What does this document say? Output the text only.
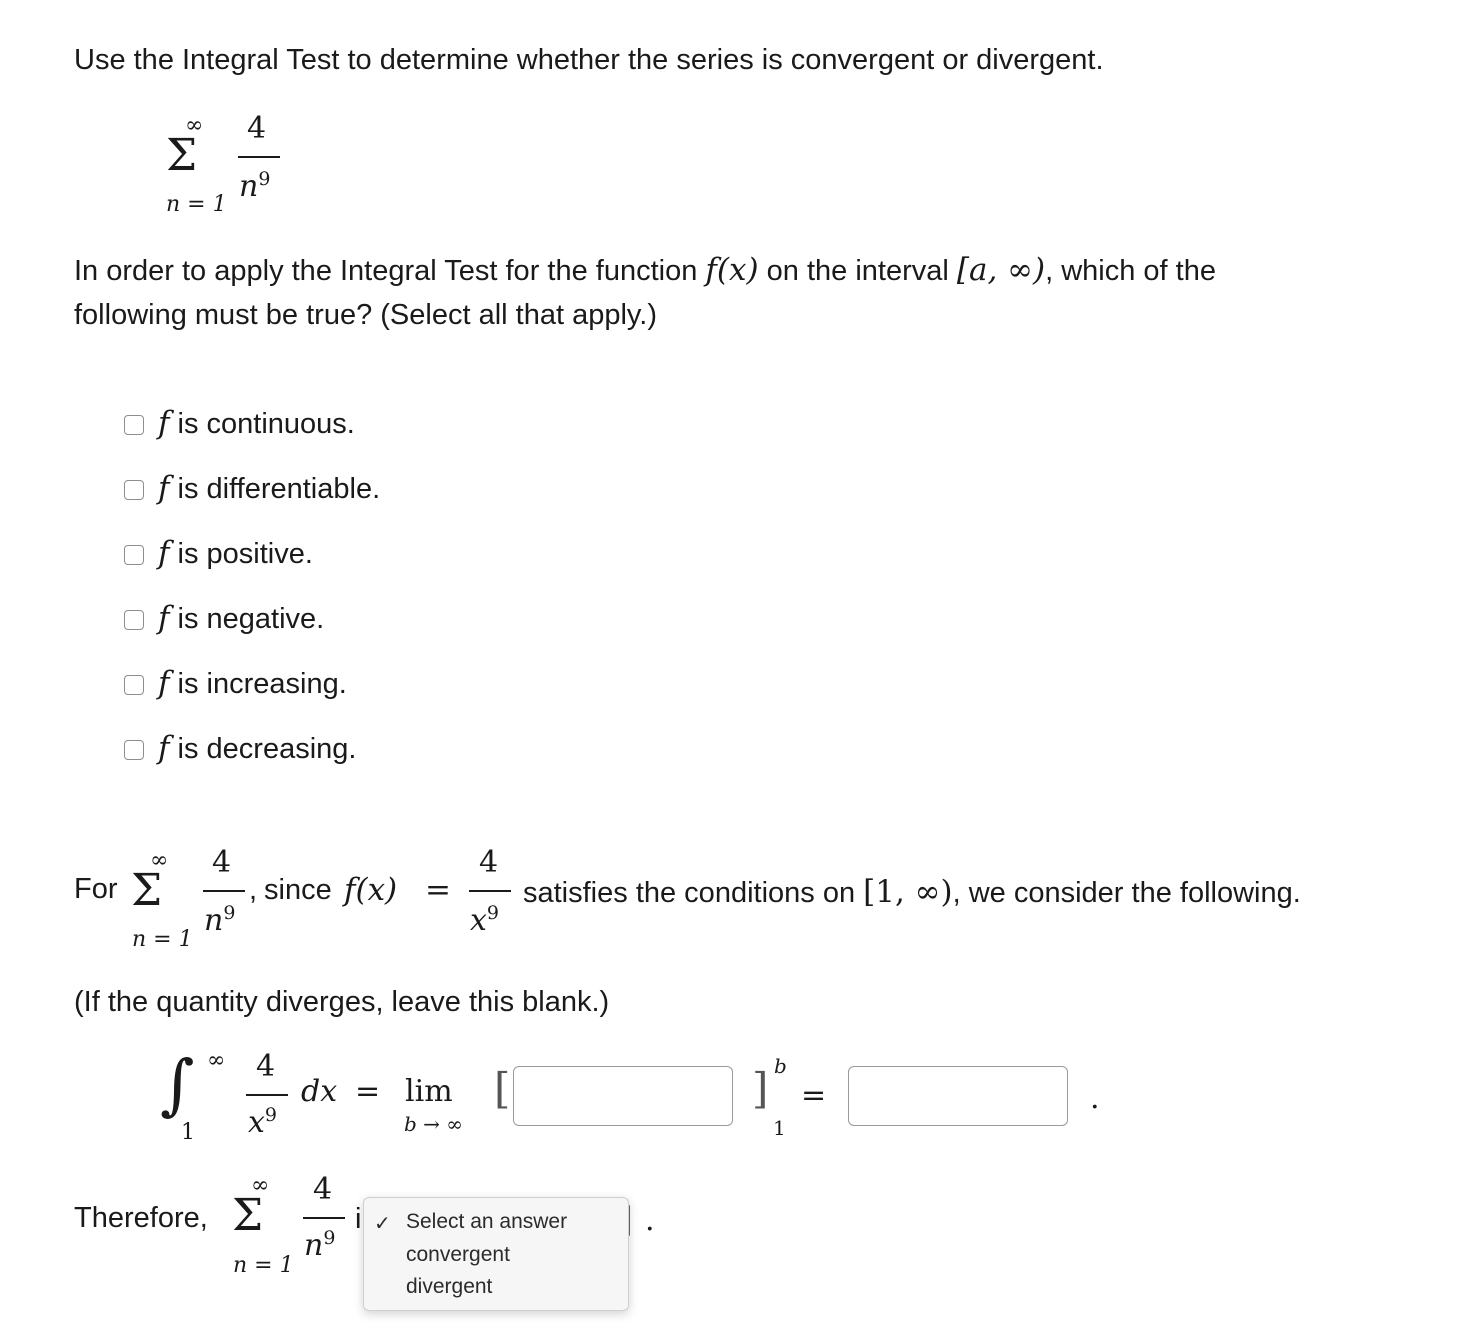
Use the Integral Test to determine whether the series is convergent or divergent.
∞
Σ
n = 1
4
$n^9$
In order to apply the Integral Test for the function f(x) on the interval [a, ∞), which of the
following must be true? (Select all that apply.)
f is continuous.
f is differentiable.
f is positive.
f is negative.
f is increasing.
f is decreasing.
For
∞
Σ
n = 1
4
$n^9$
, since f(x) =
4
$x^9$
satisfies the conditions on [1, ∞), we consider the following.
(If the quantity diverges, leave this blank.)
∫ ∞
1
4
$x^9$
dx = lim
b → ∞
[	] b
1
=	.
Therefore,
∞
Σ
n = 1
4
$n^9$
i	.
✓ Select an answer
convergent
divergent
